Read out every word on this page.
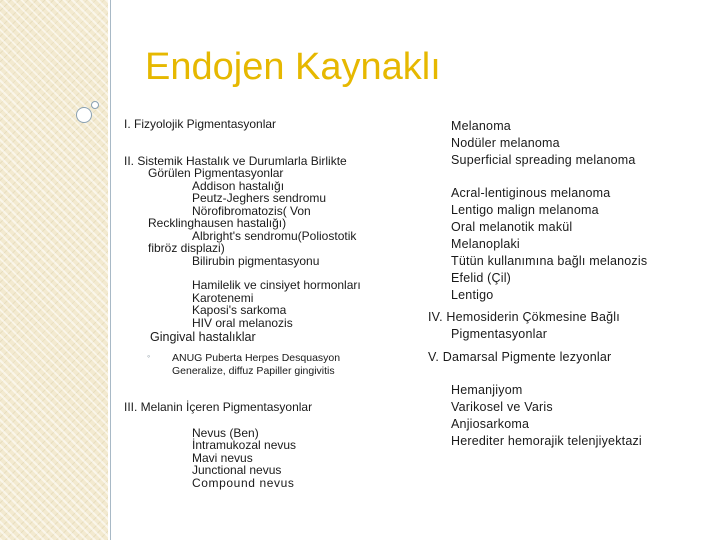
Endojen Kaynaklı
I. Fizyolojik Pigmentasyonlar
II. Sistemik Hastalık ve Durumlarla Birlikte
Görülen Pigmentasyonlar
Addison hastalığı
Peutz-Jeghers sendromu
Nörofibromatozis( Von
Recklinghausen hastalığı)
Albright's sendromu(Poliostotik
fibröz displazi)
Bilirubin pigmentasyonu
Hamilelik ve cinsiyet hormonları
Karotenemi
Kaposi's sarkoma
HIV oral melanozis
Gingival hastalıklar
◦ ANUG Puberta Herpes Desquasyon
Generalize, diffuz Papiller gingivitis
III. Melanin İçeren Pigmentasyonlar
Nevus (Ben)
İntramukozal nevus
Mavi nevus
Junctional nevus
Compound nevus
Melanoma
Nodüler melanoma
Superficial spreading melanoma
Acral-lentiginous melanoma
Lentigo malign melanoma
Oral melanotik makül
Melanoplaki
Tütün kullanımına bağlı melanozis
Efelid (Çil)
Lentigo
IV. Hemosiderin Çökmesine Bağlı
Pigmentasyonlar
V. Damarsal Pigmente lezyonlar
Hemanjiyom
Varikosel ve Varis
Anjiosarkoma
Herediter hemorajik telenjiyektazi
